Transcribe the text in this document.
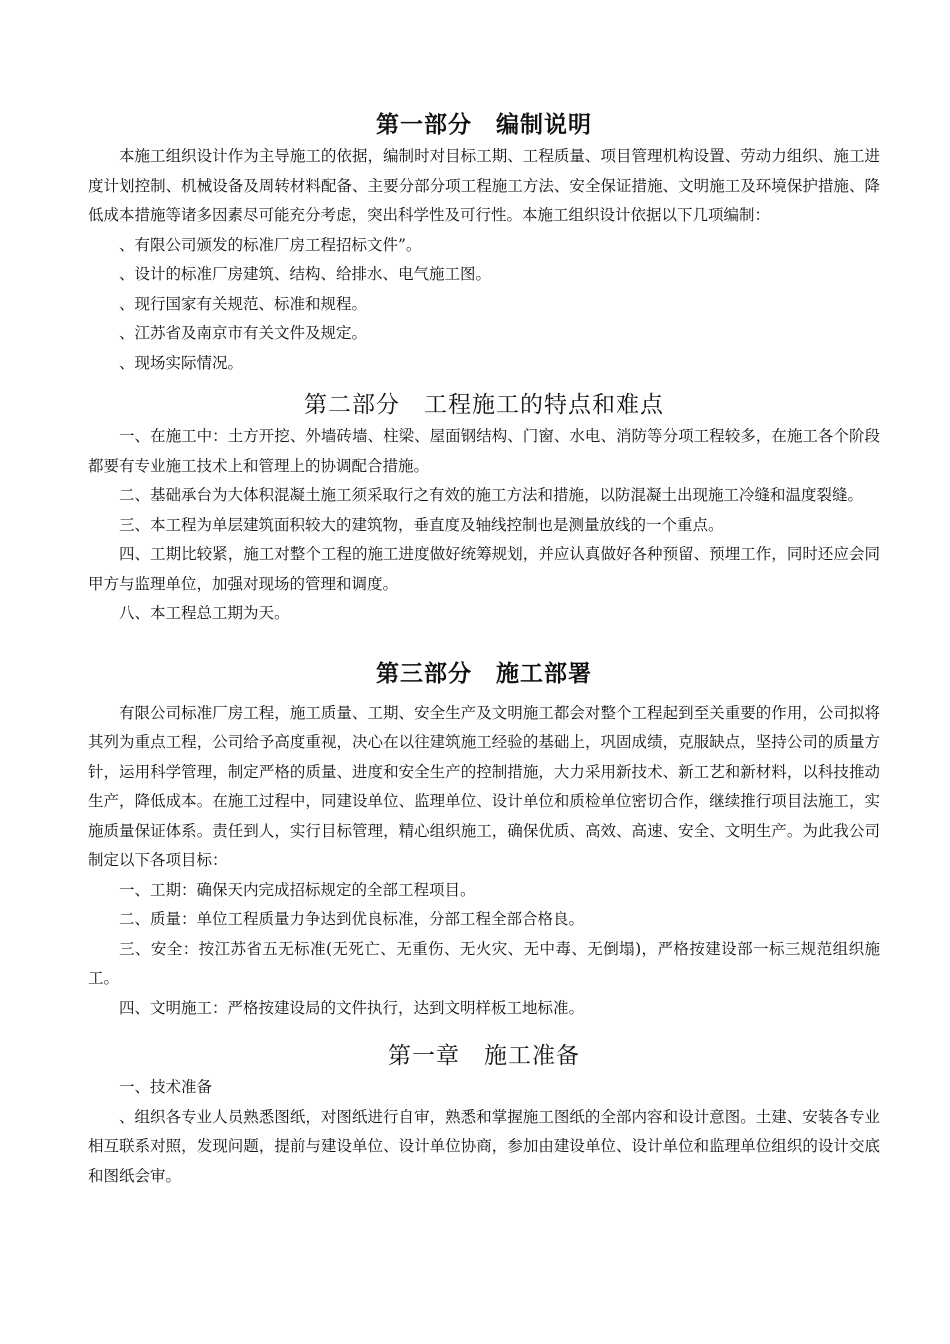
第一部分　编制说明

本施工组织设计作为主导施工的依据，编制时对目标工期、工程质量、项目管理机构设置、劳动力组织、施工进度计划控制、机械设备及周转材料配备、主要分部分项工程施工方法、安全保证措施、文明施工及环境保护措施、降低成本措施等诸多因素尽可能充分考虑，突出科学性及可行性。本施工组织设计依据以下几项编制：

、有限公司颁发的标准厂房工程招标文件”。

、设计的标准厂房建筑、结构、给排水、电气施工图。

、现行国家有关规范、标准和规程。

、江苏省及南京市有关文件及规定。

、现场实际情况。

第二部分　工程施工的特点和难点

一、在施工中：土方开挖、外墙砖墙、柱梁、屋面钢结构、门窗、水电、消防等分项工程较多，在施工各个阶段都要有专业施工技术上和管理上的协调配合措施。

二、基础承台为大体积混凝土施工须采取行之有效的施工方法和措施，以防混凝土出现施工冷缝和温度裂缝。

三、本工程为单层建筑面积较大的建筑物，垂直度及轴线控制也是测量放线的一个重点。

四、工期比较紧，施工对整个工程的施工进度做好统筹规划，并应认真做好各种预留、预埋工作，同时还应会同甲方与监理单位，加强对现场的管理和调度。

八、本工程总工期为天。

第三部分　施工部署

有限公司标准厂房工程，施工质量、工期、安全生产及文明施工都会对整个工程起到至关重要的作用，公司拟将其列为重点工程，公司给予高度重视，决心在以往建筑施工经验的基础上，巩固成绩，克服缺点，坚持公司的质量方针，运用科学管理，制定严格的质量、进度和安全生产的控制措施，大力采用新技术、新工艺和新材料，以科技推动生产，降低成本。在施工过程中，同建设单位、监理单位、设计单位和质检单位密切合作，继续推行项目法施工，实施质量保证体系。责任到人，实行目标管理，精心组织施工，确保优质、高效、高速、安全、文明生产。为此我公司制定以下各项目标：

一、工期：确保天内完成招标规定的全部工程项目。

二、质量：单位工程质量力争达到优良标准，分部工程全部合格良。

三、安全：按江苏省五无标准(无死亡、无重伤、无火灾、无中毒、无倒塌)，严格按建设部一标三规范组织施工。

四、文明施工：严格按建设局的文件执行，达到文明样板工地标准。

第一章　施工准备

一、技术准备

、组织各专业人员熟悉图纸，对图纸进行自审，熟悉和掌握施工图纸的全部内容和设计意图。土建、安装各专业相互联系对照，发现问题，提前与建设单位、设计单位协商，参加由建设单位、设计单位和监理单位组织的设计交底和图纸会审。
